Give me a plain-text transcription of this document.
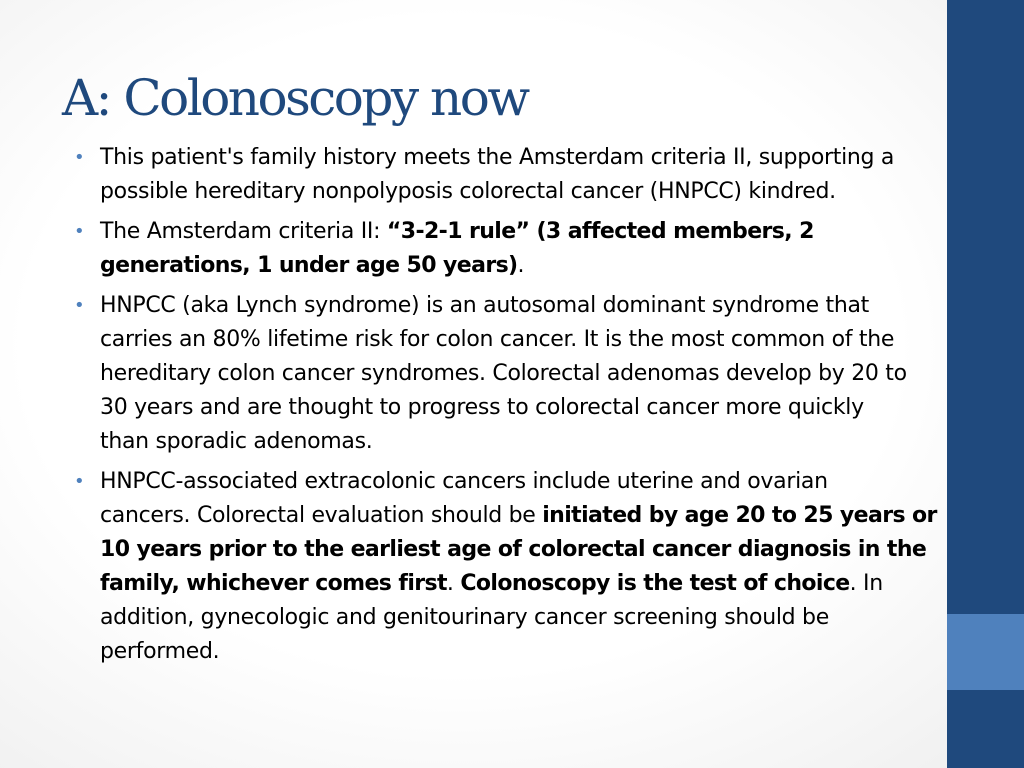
A: Colonoscopy now
• This patient's family history meets the Amsterdam criteria II, supporting a
possible hereditary nonpolyposis colorectal cancer (HNPCC) kindred.
• The Amsterdam criteria II: “3-2-1 rule” (3 affected members, 2
generations, 1 under age 50 years).
• HNPCC (aka Lynch syndrome) is an autosomal dominant syndrome that
carries an 80% lifetime risk for colon cancer. It is the most common of the
hereditary colon cancer syndromes. Colorectal adenomas develop by 20 to
30 years and are thought to progress to colorectal cancer more quickly
than sporadic adenomas.
• HNPCC-associated extracolonic cancers include uterine and ovarian
cancers. Colorectal evaluation should be initiated by age 20 to 25 years or
10 years prior to the earliest age of colorectal cancer diagnosis in the
family, whichever comes first. Colonoscopy is the test of choice. In
addition, gynecologic and genitourinary cancer screening should be
performed.
